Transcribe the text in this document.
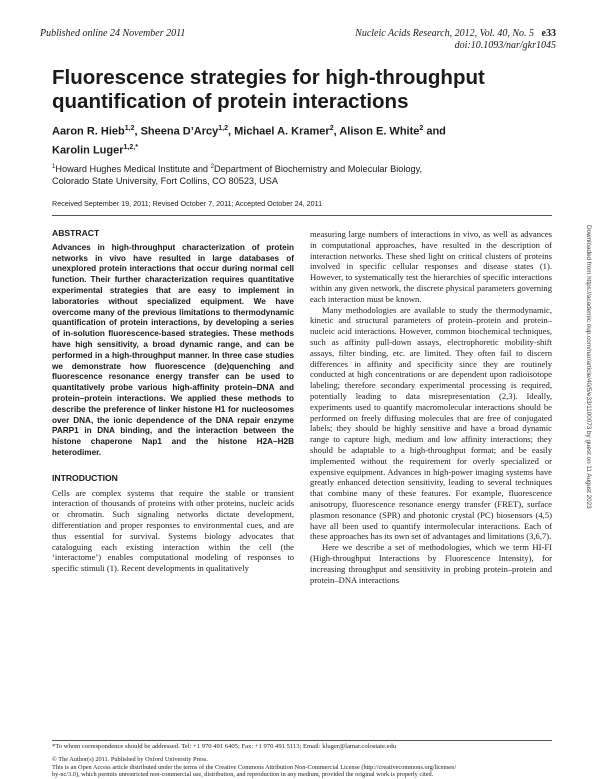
Published online 24 November 2011	Nucleic Acids Research, 2012, Vol. 40, No. 5 e33
doi:10.1093/nar/gkr1045
Fluorescence strategies for high-throughput quantification of protein interactions

Aaron R. Hieb$^{1,2}$, Sheena D’Arcy$^{1,2}$, Michael A. Kramer$^2$, Alison E. White$^2$ and
Karolin Luger$^{1,2,*}$

$^1$Howard Hughes Medical Institute and $^2$Department of Biochemistry and Molecular Biology,
Colorado State University, Fort Collins, CO 80523, USA

Received September 19, 2011; Revised October 7, 2011; Accepted October 24, 2011

ABSTRACT

Advances in high-throughput characterization of protein networks in vivo have resulted in large databases of unexplored protein interactions that occur during normal cell function. Their further characterization requires quantitative experimental strategies that are easy to implement in laboratories without specialized equipment. We have overcome many of the previous limitations to thermodynamic quantification of protein interactions, by developing a series of in-solution fluorescence-based strategies. These methods have high sensitivity, a broad dynamic range, and can be performed in a high-throughput manner. In three case studies we demonstrate how fluorescence (de)quenching and fluorescence resonance energy transfer can be used to quantitatively probe various high-affinity protein–DNA and protein–protein interactions. We applied these methods to describe the preference of linker histone H1 for nucleosomes over DNA, the ionic dependence of the DNA repair enzyme PARP1 in DNA binding, and the interaction between the histone chaperone Nap1 and the histone H2A–H2B heterodimer.

INTRODUCTION

Cells are complex systems that require the stable or transient interaction of thousands of proteins with other proteins, nucleic acids or chromatin. Such signaling networks dictate development, differentiation and proper responses to environmental cues, and are thus essential for survival. Systems biology advocates that cataloguing each existing interaction within the cell (the ‘interactome’) enables computational modeling of responses to specific stimuli (1). Recent developments in qualitatively

measuring large numbers of interactions in vivo, as well as advances in computational approaches, have resulted in the description of interaction networks. These shed light on critical clusters of proteins involved in specific cellular responses and disease states (1). However, to systematically test the hierarchies of specific interactions within any given network, the discrete physical parameters governing each interaction must be known.

Many methodologies are available to study the thermodynamic, kinetic and structural parameters of protein–protein and protein–nucleic acid interactions. However, common biochemical techniques, such as affinity pull-down assays, electrophoretic mobility-shift assays, filter binding, etc. are limited. They often fail to discern differences in affinity and specificity since they are routinely conducted at high concentrations or are dependent upon radioisotope labeling; therefore secondary experimental processing is required, potentially leading to data misrepresentation (2,3). Ideally, experiments used to quantify macromolecular interactions should be performed on freely diffusing molecules that are free of conjugated labels; they should be highly sensitive and have a broad dynamic range to capture high, medium and low affinity interactions; they should be adaptable to a high-throughput format; and be easily implemented without the requirement for overly specialized or expensive equipment. Advances in high-power imaging systems have greatly enhanced detection sensitivity, leading to several techniques that combine many of these features. For example, fluorescence anisotropy, fluorescence resonance energy transfer (FRET), surface plasmon resonance (SPR) and photonic crystal (PC) biosensors (4,5) have all been used to quantify intermolecular interactions. Each of these approaches has its own set of advantages and limitations (3,6,7).

Here we describe a set of methodologies, which we term HI-FI (High-throughput Interactions by Fluorescence Intensity), for increasing throughput and sensitivity in probing protein–protein and protein–DNA interactions

Downloaded from https://academic.oup.com/nar/article/40/5/e33/1100073 by guest on 11 August 2023

*To whom correspondence should be addressed. Tel: +1 970 491 6405; Fax: +1 970 491 5113; Email: kluger@lamar.colostate.edu

© The Author(s) 2011. Published by Oxford University Press.
This is an Open Access article distributed under the terms of the Creative Commons Attribution Non-Commercial License (http://creativecommons.org/licenses/
by-nc/3.0), which permits unrestricted non-commercial use, distribution, and reproduction in any medium, provided the original work is properly cited.
